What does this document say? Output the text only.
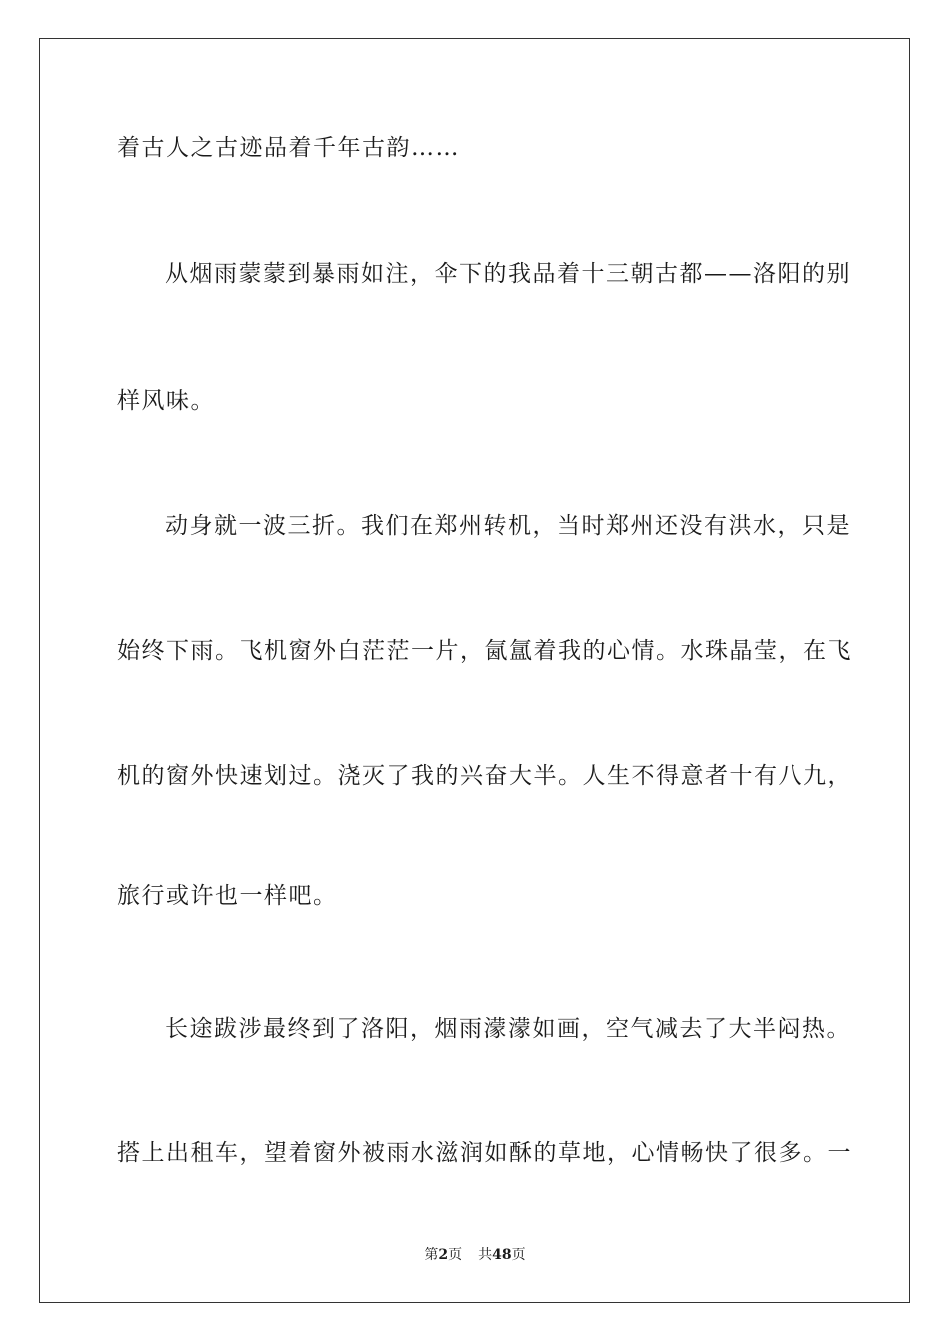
着古人之古迹品着千年古韵……
从烟雨蒙蒙到暴雨如注，伞下的我品着十三朝古都——洛阳的别
样风味。
动身就一波三折。我们在郑州转机，当时郑州还没有洪水，只是
始终下雨。飞机窗外白茫茫一片，氤氲着我的心情。水珠晶莹，在飞
机的窗外快速划过。浇灭了我的兴奋大半。人生不得意者十有八九，
旅行或许也一样吧。
长途跋涉最终到了洛阳，烟雨濛濛如画，空气减去了大半闷热。
搭上出租车，望着窗外被雨水滋润如酥的草地，心情畅快了很多。一
第2页 共48页
